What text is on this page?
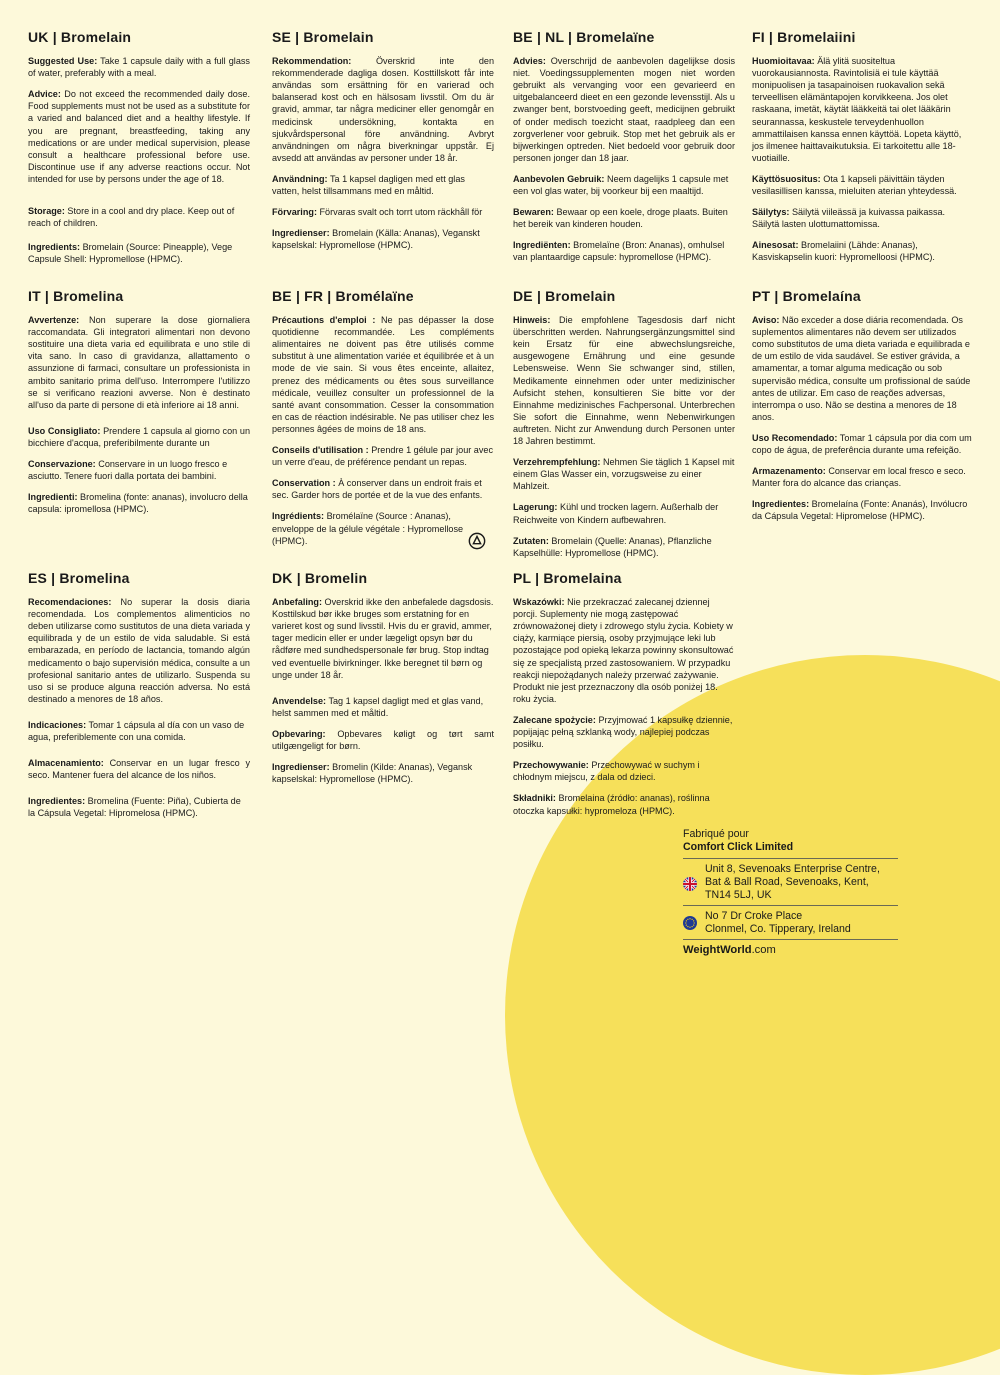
UK | Bromelain

Suggested Use: Take 1 capsule daily with a full glass of water, preferably with a meal.

Advice: Do not exceed the recommended daily dose. Food supplements must not be used as a substitute for a varied and balanced diet and a healthy lifestyle. If you are pregnant, breastfeeding, taking any medications or are under medical supervision, please consult a healthcare professional before use. Discontinue use if any adverse reactions occur. Not intended for use by persons under the age of 18.

Storage: Store in a cool and dry place. Keep out of reach of children.

Ingredients: Bromelain (Source: Pineapple), Vege Capsule Shell: Hypromellose (HPMC).

SE | Bromelain

Rekommendation:	Överskrid inte den rekommenderade dagliga dosen. Kosttillskott får inte användas som ersättning för en varierad och balanserad kost och en hälsosam livsstil. Om du är gravid, ammar, tar några mediciner eller genomgår en medicinsk undersökning, kontakta en sjukvårdspersonal före användning. Avbryt användningen om några biverkningar uppstår. Ej avsedd att användas av personer under 18 år.

Användning: Ta 1 kapsel dagligen med ett glas vatten, helst tillsammans med en måltid.

Förvaring: Förvaras svalt och torrt utom räckhåll för

Ingredienser: Bromelain (Källa: Ananas), Veganskt kapselskal: Hypromellose (HPMC).

BE | NL | Bromelaïne

Advies: Overschrijd de aanbevolen dagelijkse dosis niet. Voedingssupplementen mogen niet worden gebruikt als vervanging voor een gevarieerd en uitgebalanceerd dieet en een gezonde levensstijl. Als u zwanger bent, borstvoeding geeft, medicijnen gebruikt of onder medisch toezicht staat, raadpleeg dan een zorgverlener voor gebruik. Stop met het gebruik als er bijwerkingen optreden. Niet bedoeld voor gebruik door personen jonger dan 18 jaar.

Aanbevolen Gebruik: Neem dagelijks 1 capsule met een vol glas water, bij voorkeur bij een maaltijd.

Bewaren: Bewaar op een koele, droge plaats. Buiten het bereik van kinderen houden.

Ingrediënten: Bromelaïne (Bron: Ananas), omhulsel van plantaardige capsule: hypromellose (HPMC).

FI | Bromelaiini

Huomioitavaa: Älä ylitä suositeltua vuorokausiannosta. Ravintolisiä ei tule käyttää monipuolisen ja tasapainoisen ruokavalion sekä terveellisen elämäntapojen korvikkeena. Jos olet raskaana, imetät, käytät lääkkeitä tai olet lääkärin seurannassa, keskustele terveydenhuollon ammattilaisen kanssa ennen käyttöä. Lopeta käyttö, jos ilmenee haittavaikutuksia. Ei tarkoitettu alle 18-vuotiaille.

Käyttösuositus: Ota 1 kapseli päivittäin täyden vesilasillisen kanssa, mieluiten aterian yhteydessä.

Säilytys: Säilytä viileässä ja kuivassa paikassa. Säilytä lasten ulottumattomissa.

Ainesosat: Bromelaiini (Lähde: Ananas), Kasviskapselin kuori: Hypromelloosi (HPMC).

IT | Bromelina

Avvertenze: Non superare la dose giornaliera raccomandata. Gli integratori alimentari non devono sostituire una dieta varia ed equilibrata e uno stile di vita sano. In caso di gravidanza, allattamento o assunzione di farmaci, consultare un professionista in ambito sanitario prima dell'uso. Interrompere l'utilizzo se si verificano reazioni avverse. Non è destinato all'uso da parte di persone di età inferiore ai 18 anni.

Uso Consigliato: Prendere 1 capsula al giorno con un bicchiere d'acqua, preferibilmente durante un

Conservazione: Conservare in un luogo fresco e asciutto. Tenere fuori dalla portata dei bambini.

Ingredienti: Bromelina (fonte: ananas), involucro della capsula: ipromellosa (HPMC).

BE | FR | Bromélaïne

Précautions d'emploi : Ne pas dépasser la dose quotidienne recommandée. Les compléments alimentaires ne doivent pas être utilisés comme substitut à une alimentation variée et équilibrée et à un mode de vie sain. Si vous êtes enceinte, allaitez, prenez des médicaments ou êtes sous surveillance médicale, veuillez consulter un professionnel de la santé avant consommation. Cesser la consommation en cas de réaction indésirable. Ne pas utiliser chez les personnes âgées de moins de 18 ans.

Conseils d'utilisation : Prendre 1 gélule par jour avec un verre d'eau, de préférence pendant un repas.

Conservation : À conserver dans un endroit frais et sec. Garder hors de portée et de la vue des enfants.

Ingrédients: Bromélaïne (Source : Ananas), enveloppe de la gélule végétale : Hypromellose (HPMC).

DE | Bromelain

Hinweis: Die empfohlene Tagesdosis darf nicht überschritten werden. Nahrungsergänzungsmittel sind kein Ersatz für eine abwechslungsreiche, ausgewogene Ernährung und eine gesunde Lebensweise. Wenn Sie schwanger sind, stillen, Medikamente einnehmen oder unter medizinischer Aufsicht stehen, konsultieren Sie bitte vor der Einnahme medizinisches Fachpersonal. Unterbrechen Sie sofort die Einnahme, wenn Nebenwirkungen auftreten. Nicht zur Anwendung durch Personen unter 18 Jahren bestimmt.

Verzehrempfehlung: Nehmen Sie täglich 1 Kapsel mit einem Glas Wasser ein, vorzugsweise zu einer Mahlzeit.

Lagerung: Kühl und trocken lagern. Außerhalb der Reichweite von Kindern aufbewahren.

Zutaten: Bromelain (Quelle: Ananas), Pflanzliche Kapselhülle: Hypromellose (HPMC).

PT | Bromelaína

Aviso: Não exceder a dose diária recomendada. Os suplementos alimentares não devem ser utilizados como substitutos de uma dieta variada e equilibrada e de um estilo de vida saudável. Se estiver grávida, a amamentar, a tomar alguma medicação ou sob supervisão médica, consulte um profissional de saúde antes de utilizar. Em caso de reações adversas, interrompa o uso. Não se destina a menores de 18 anos.

Uso Recomendado: Tomar 1 cápsula por dia com um copo de água, de preferência durante uma refeição.

Armazenamento: Conservar em local fresco e seco. Manter fora do alcance das crianças.

Ingredientes: Bromelaína (Fonte: Ananás), Invólucro da Cápsula Vegetal: Hipromelose (HPMC).

ES | Bromelina

Recomendaciones: No superar la dosis diaria recomendada. Los complementos alimenticios no deben utilizarse como sustitutos de una dieta variada y equilibrada y de un estilo de vida saludable. Si está embarazada, en período de lactancia, tomando algún medicamento o bajo supervisión médica, consulte a un profesional sanitario antes de utilizarlo. Suspenda su uso si se produce alguna reacción adversa. No está destinado a menores de 18 años.

Indicaciones: Tomar 1 cápsula al día con un vaso de agua, preferiblemente con una comida.

Almacenamiento: Conservar en un lugar fresco y seco. Mantener fuera del alcance de los niños.

Ingredientes: Bromelina (Fuente: Piña), Cubierta de la Cápsula Vegetal: Hipromelosa (HPMC).

DK | Bromelin

Anbefaling: Overskrid ikke den anbefalede dagsdosis. Kosttilskud bør ikke bruges som erstatning for en varieret kost og sund livsstil. Hvis du er gravid, ammer, tager medicin eller er under lægeligt opsyn bør du rådføre med sundhedspersonale før brug. Stop indtag ved eventuelle bivirkninger. Ikke beregnet til børn og unge under 18 år.

Anvendelse: Tag 1 kapsel dagligt med et glas vand, helst sammen med et måltid.

Opbevaring: Opbevares køligt og tørt samt utilgængeligt for børn.

Ingredienser: Bromelin (Kilde: Ananas), Vegansk kapselskal: Hypromellose (HPMC).

PL | Bromelaina

Wskazówki: Nie przekraczać zalecanej dziennej porcji. Suplementy nie mogą zastępować zrównoważonej diety i zdrowego stylu życia. Kobiety w ciąży, karmiące piersią, osoby przyjmujące leki lub pozostające pod opieką lekarza powinny skonsultować się ze specjalistą przed zastosowaniem. W przypadku reakcji niepożądanych należy przerwać zażywanie. Produkt nie jest przeznaczony dla osób poniżej 18. roku życia.

Zalecane spożycie: Przyjmować 1 kapsułkę dziennie, popijając pełną szklanką wody, najlepiej podczas posiłku.

Przechowywanie: Przechowywać w suchym i chłodnym miejscu, z dala od dzieci.

Składniki: Bromelaina (źródło: ananas), roślinna otoczka kapsułki: hypromeloza (HPMC).

Fabriqué pour
Comfort Click Limited
Unit 8, Sevenoaks Enterprise Centre,
Bat & Ball Road, Sevenoaks, Kent,
TN14 5LJ, UK
No 7 Dr Croke Place
Clonmel, Co. Tipperary, Ireland
WeightWorld.com
